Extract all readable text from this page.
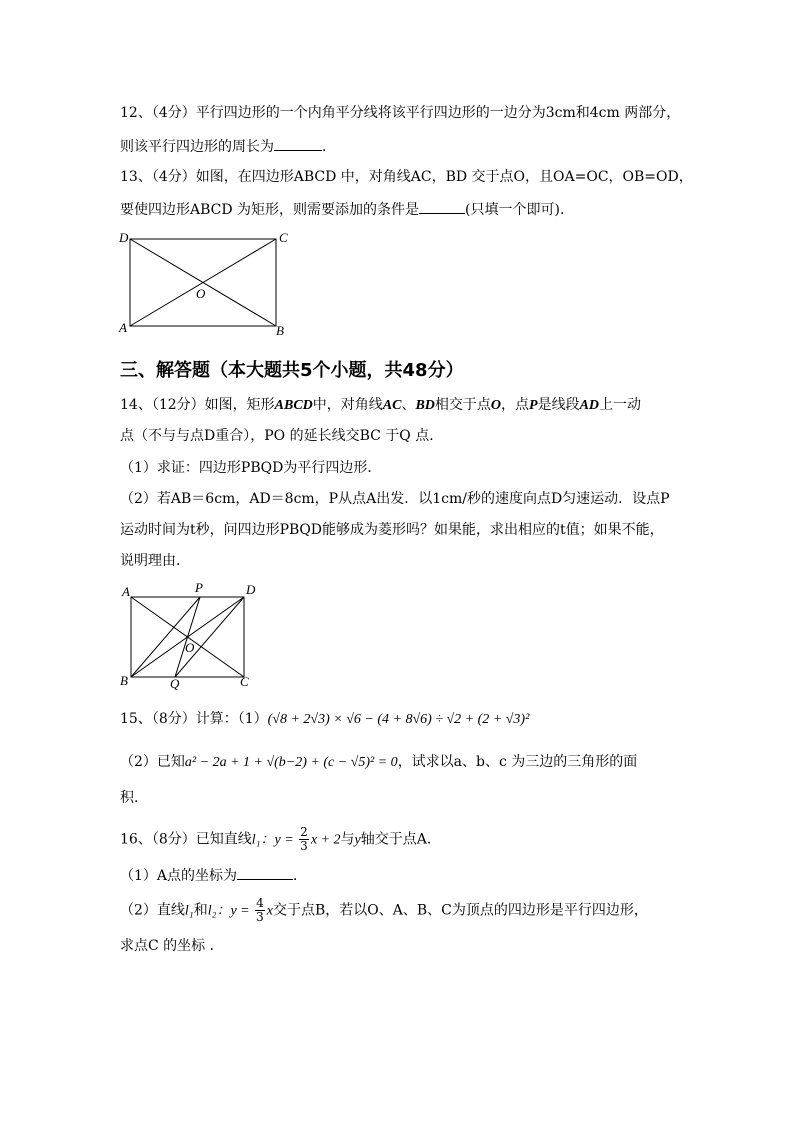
12、（4分）平行四边形的一个内角平分线将该平行四边形的一边分为3cm和4cm 两部分，
则该平行四边形的周长为	．
13、（4分）如图，在四边形ABCD 中，对角线AC，BD 交于点O，且OA=OC，OB=OD，
要使四边形ABCD 为矩形，则需要添加的条件是	(只填一个即可).
D	C
A	B
O
三、解答题（本大题共5个小题，共48分）
14、（12分）如图，矩形ABCD中，对角线AC、BD相交于点O，点P是线段AD上一动
点（不与与点D重合），PO 的延长线交BC 于Q 点．
（1）求证：四边形PBQD为平行四边形．
（2）若AB＝6cm，AD＝8cm，P从点A出发．以1cm/秒的速度向点D匀速运动．设点P
运动时间为t秒，问四边形PBQD能够成为菱形吗？如果能，求出相应的t值；如果不能，
说明理由．
A	P	D
O
B	Q	C
15、（8分）计算：（1）(√8 + 2√3) × √6 − (4 + 8√6) ÷ √2 + (2 + √3)²
（2）已知a² − 2a + 1 + √(b−2) + (c − √5)² = 0，试求以a、b、c 为三边的三角形的面
积.
16、（8分）已知直线l₁：$y = \frac{2}{3}$ x + 2与y轴交于点A．
（1）A点的坐标为	．
（2）直线l₁和l₂：$y = \frac{4}{3}$ x交于点B，若以O、A、B、C为顶点的四边形是平行四边形，
求点C 的坐标 ．
